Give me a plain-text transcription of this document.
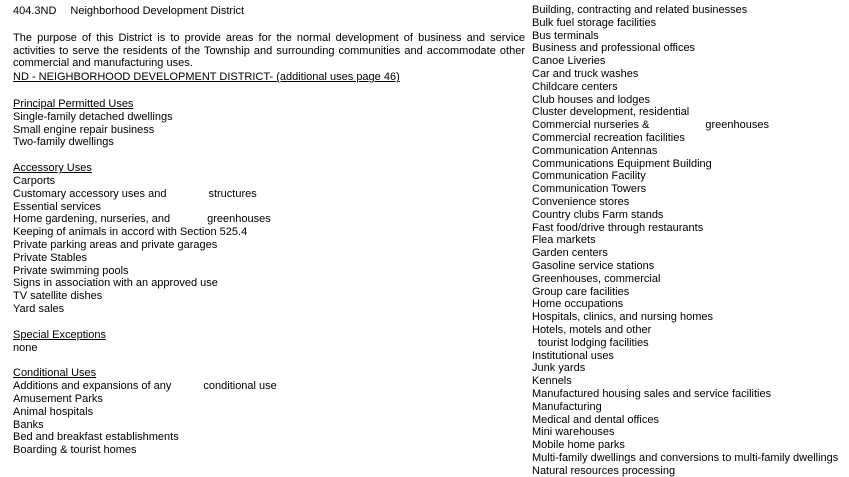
404.3ND Neighborhood Development District
The purpose of this District is to provide areas for the normal development of business and service activities to serve the residents of the Township and surrounding communities and accommodate other commercial and manufacturing uses.
ND - NEIGHBORHOOD DEVELOPMENT DISTRICT- (additional uses page 46)
Principal Permitted Uses
Single-family detached dwellings
Small engine repair business
Two-family dwellings
Accessory Uses
Carports
Customary accessory uses and	structures
Essential services
Home gardening, nurseries, and	greenhouses
Keeping of animals in accord with Section 525.4
Private parking areas and private garages
Private Stables
Private swimming pools
Signs in association with an approved use
TV satellite dishes
Yard sales
Special Exceptions
none
Conditional Uses
Additions and expansions of any	conditional use
Amusement Parks
Animal hospitals
Banks
Bed and breakfast establishments
Boarding & tourist homes
Building, contracting and related businesses
Bulk fuel storage facilities
Bus terminals
Business and professional offices
Canoe Liveries
Car and truck washes
Childcare centers
Club houses and lodges
Cluster development, residential
Commercial nurseries &	greenhouses
Commercial recreation facilities
Communication Antennas
Communications Equipment Building
Communication Facility
Communication Towers
Convenience stores
Country clubs Farm stands
Fast food/drive through restaurants
Flea markets
Garden centers
Gasoline service stations
Greenhouses, commercial
Group care facilities
Home occupations
Hospitals, clinics, and nursing homes
Hotels, motels and other
tourist lodging facilities
Institutional uses
Junk yards
Kennels
Manufactured housing sales and service facilities
Manufacturing
Medical and dental offices
Mini warehouses
Mobile home parks
Multi-family dwellings and conversions to multi-family dwellings
Natural resources processing
